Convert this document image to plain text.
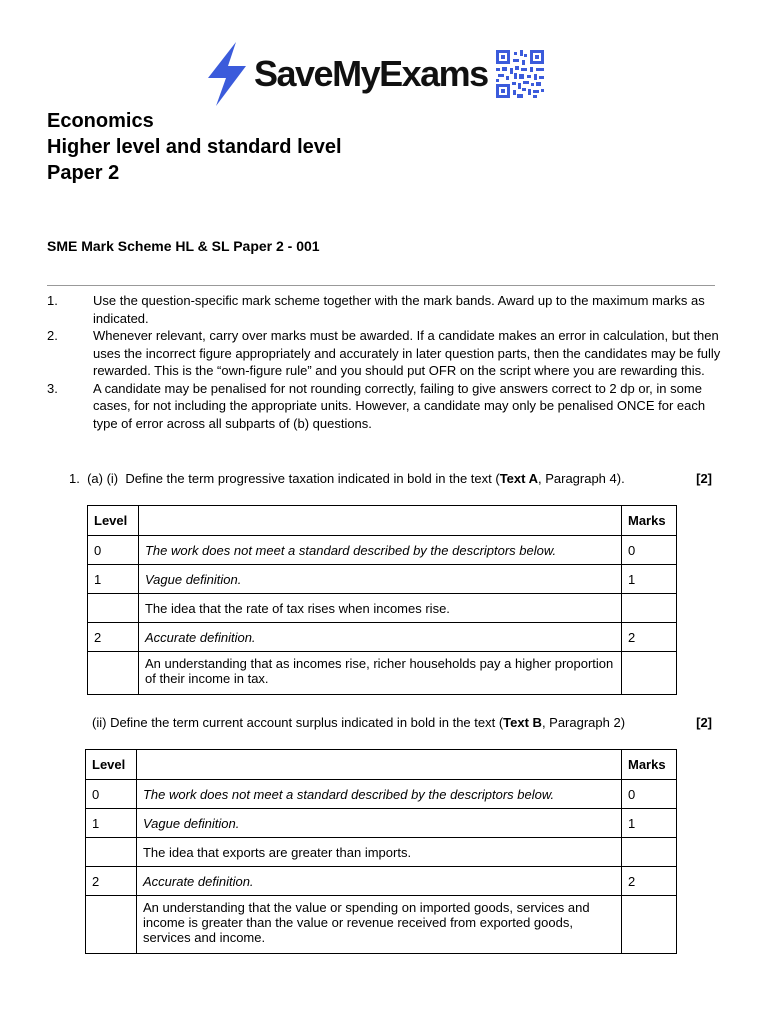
SaveMyExams
Economics
Higher level and standard level
Paper 2
SME Mark Scheme HL & SL Paper 2 - 001
1.	Use the question-specific mark scheme together with the mark bands. Award up to the maximum marks as indicated.
2.	Whenever relevant, carry over marks must be awarded. If a candidate makes an error in calculation, but then uses the incorrect figure appropriately and accurately in later question parts, then the candidates may be fully rewarded. This is the “own-figure rule” and you should put OFR on the script where you are rewarding this.
3.	A candidate may be penalised for not rounding correctly, failing to give answers correct to 2 dp or, in some cases, for not including the appropriate units. However, a candidate may only be penalised ONCE for each type of error across all subparts of (b) questions.
1. (a) (i) Define the term progressive taxation indicated in bold in the text (Text A, Paragraph 4).	[2]
Level		Marks
0	The work does not meet a standard described by the descriptors below.	0
1	Vague definition.	1
	The idea that the rate of tax rises when incomes rise.	
2	Accurate definition.	2
	An understanding that as incomes rise, richer households pay a higher proportion of their income in tax.	
(ii) Define the term current account surplus indicated in bold in the text (Text B, Paragraph 2)	[2]
Level		Marks
0	The work does not meet a standard described by the descriptors below.	0
1	Vague definition.	1
	The idea that exports are greater than imports.	
2	Accurate definition.	2
	An understanding that the value or spending on imported goods, services and income is greater than the value or revenue received from exported goods, services and income.	
